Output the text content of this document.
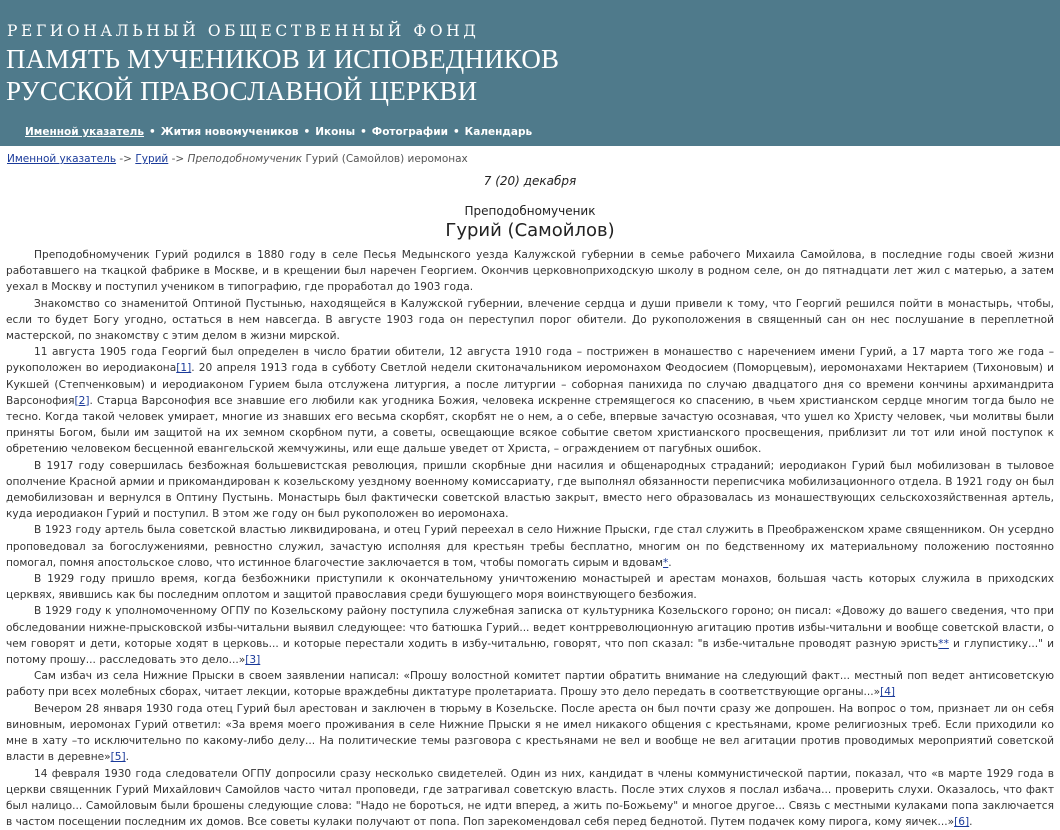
РЕГИОНАЛЬНЫЙ ОБЩЕСТВЕННЫЙ ФОНД
ПАМЯТЬ МУЧЕНИКОВ И ИСПОВЕДНИКОВ
РУССКОЙ ПРАВОСЛАВНОЙ ЦЕРКВИ
Именной указатель • Жития новомучеников • Иконы • Фотографии • Календарь
Именной указатель -> Гурий -> Преподобномученик Гурий (Самойлов) иеромонах
7 (20) декабря
Преподобномученик
Гурий (Самойлов)

Преподобномученик Гурий родился в 1880 году в селе Песья Медынского уезда Калужской губернии в семье рабочего Михаила Самойлова, в последние годы своей жизни работавшего на ткацкой фабрике в Москве, и в крещении был наречен Георгием. Окончив церковноприходскую школу в родном селе, он до пятнадцати лет жил с матерью, а затем уехал в Москву и поступил учеником в типографию, где проработал до 1903 года.

Знакомство со знаменитой Оптиной Пустынью, находящейся в Калужской губернии, влечение сердца и души привели к тому, что Георгий решился пойти в монастырь, чтобы, если то будет Богу угодно, остаться в нем навсегда. В августе 1903 года он переступил порог обители. До рукоположения в священный сан он нес послушание в переплетной мастерской, по знакомству с этим делом в жизни мирской.

11 августа 1905 года Георгий был определен в число братии обители, 12 августа 1910 года – пострижен в монашество с наречением имени Гурий, а 17 марта того же года – рукоположен во иеродиакона[1]. 20 апреля 1913 года в субботу Светлой недели скитоначальником иеромонахом Феодосием (Поморцевым), иеромонахами Нектарием (Тихоновым) и Кукшей (Степченковым) и иеродиаконом Гурием была отслужена литургия, а после литургии – соборная панихида по случаю двадцатого дня со времени кончины архимандрита Варсонофия[2]. Старца Варсонофия все знавшие его любили как угодника Божия, человека искренне стремящегося ко спасению, в чьем христианском сердце многим тогда было не тесно. Когда такой человек умирает, многие из знавших его весьма скорбят, скорбят не о нем, а о себе, впервые зачастую осознавая, что ушел ко Христу человек, чьи молитвы были приняты Богом, были им защитой на их земном скорбном пути, а советы, освещающие всякое событие светом христианского просвещения, приблизит ли тот или иной поступок к обретению человеком бесценной евангельской жемчужины, или еще дальше уведет от Христа, – ограждением от пагубных ошибок.

В 1917 году совершилась безбожная большевистская революция, пришли скорбные дни насилия и общенародных страданий; иеродиакон Гурий был мобилизован в тыловое ополчение Красной армии и прикомандирован к козельскому уездному военному комиссариату, где выполнял обязанности переписчика мобилизационного отдела. В 1921 году он был демобилизован и вернулся в Оптину Пустынь. Монастырь был фактически советской властью закрыт, вместо него образовалась из монашествующих сельскохозяйственная артель, куда иеродиакон Гурий и поступил. В этом же году он был рукоположен во иеромонаха.

В 1923 году артель была советской властью ликвидирована, и отец Гурий переехал в село Нижние Прыски, где стал служить в Преображенском храме священником. Он усердно проповедовал за богослужениями, ревностно служил, зачастую исполняя для крестьян требы бесплатно, многим он по бедственному их материальному положению постоянно помогал, помня апостольское слово, что истинное благочестие заключается в том, чтобы помогать сирым и вдовам*.

В 1929 году пришло время, когда безбожники приступили к окончательному уничтожению монастырей и арестам монахов, большая часть которых служила в приходских церквях, явившись как бы последним оплотом и защитой православия среди бушующего моря воинствующего безбожия.

В 1929 году к уполномоченному ОГПУ по Козельскому району поступила служебная записка от культурника Козельского гороно; он писал: «Довожу до вашего сведения, что при обследовании нижне-прысковской избы-читальни выявил следующее: что батюшка Гурий... ведет контрреволюционную агитацию против избы-читальни и вообще советской власти, о чем говорят и дети, которые ходят в церковь... и которые перестали ходить в избу-читальню, говорят, что поп сказал: "в избе-читальне проводят разную эристь** и глупистику..." и потому прошу... расследовать это дело...»[3]

Сам избач из села Нижние Прыски в своем заявлении написал: «Прошу волостной комитет партии обратить внимание на следующий факт... местный поп ведет антисоветскую работу при всех молебных сборах, читает лекции, которые враждебны диктатуре пролетариата. Прошу это дело передать в соответствующие органы...»[4]

Вечером 28 января 1930 года отец Гурий был арестован и заключен в тюрьму в Козельске. После ареста он был почти сразу же допрошен. На вопрос о том, признает ли он себя виновным, иеромонах Гурий ответил: «За время моего проживания в селе Нижние Прыски я не имел никакого общения с крестьянами, кроме религиозных треб. Если приходили ко мне в хату –то исключительно по какому-либо делу... На политические темы разговора с крестьянами не вел и вообще не вел агитации против проводимых мероприятий советской власти в деревне»[5].

14 февраля 1930 года следователи ОГПУ допросили сразу несколько свидетелей. Один из них, кандидат в члены коммунистической партии, показал, что «в марте 1929 года в церкви священник Гурий Михайлович Самойлов часто читал проповеди, где затрагивал советскую власть. После этих слухов я послал избача... проверить слухи. Оказалось, что факт был налицо... Самойловым были брошены следующие слова: "Надо не бороться, не идти вперед, а жить по-Божьему" и многое другое... Связь с местными кулаками попа заключается в частом посещении последним их домов. Все советы кулаки получают от попа. Поп зарекомендовал себя перед беднотой. Путем подачек кому пирога, кому яичек...»[6].
